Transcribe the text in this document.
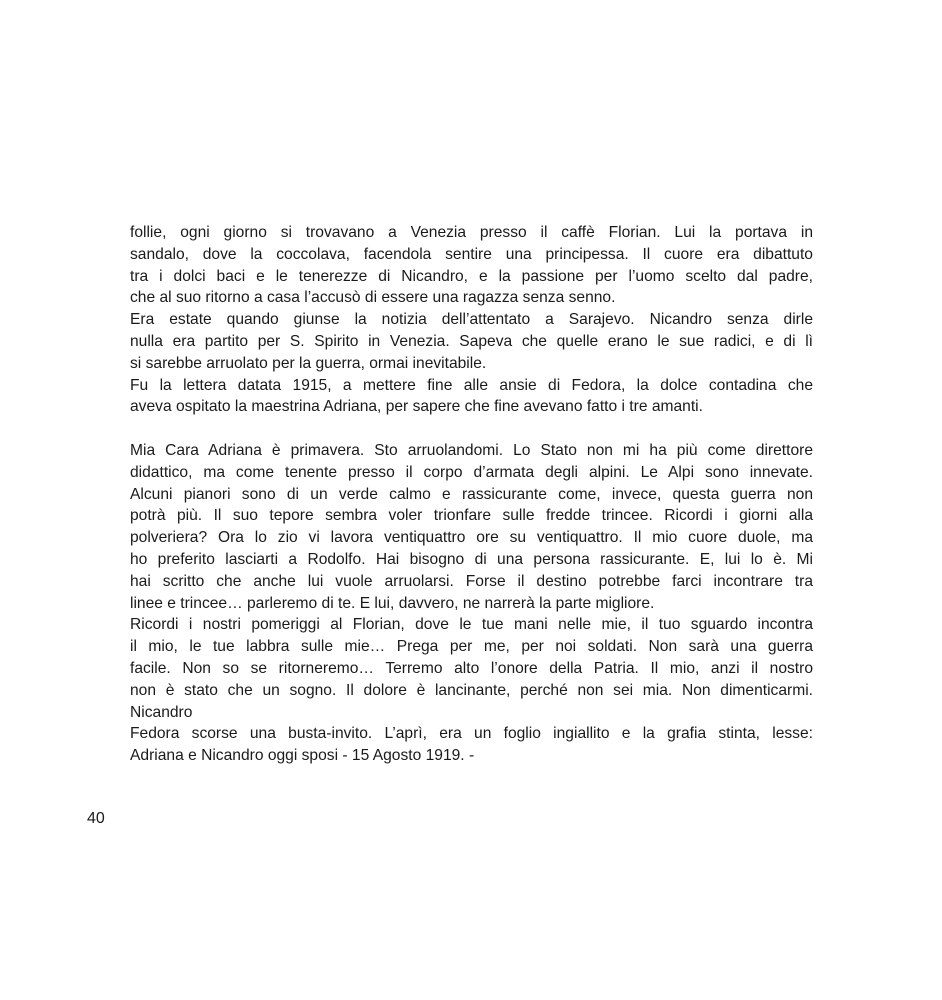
follie, ogni giorno si trovavano a Venezia presso il caffè Florian. Lui la portava in
sandalo, dove la coccolava, facendola sentire una principessa. Il cuore era dibattuto
tra i dolci baci e le tenerezze di Nicandro, e la passione per l’uomo scelto dal padre,
che al suo ritorno a casa l’accusò di essere una ragazza senza senno.
Era estate quando giunse la notizia dell’attentato a Sarajevo. Nicandro senza dirle
nulla era partito per S. Spirito in Venezia. Sapeva che quelle erano le sue radici, e di lì
si sarebbe arruolato per la guerra, ormai inevitabile.
Fu la lettera datata 1915, a mettere fine alle ansie di Fedora, la dolce contadina che
aveva ospitato la maestrina Adriana, per sapere che fine avevano fatto i tre amanti.
Mia Cara Adriana è primavera. Sto arruolandomi. Lo Stato non mi ha più come direttore
didattico, ma come tenente presso il corpo d’armata degli alpini. Le Alpi sono innevate.
Alcuni pianori sono di un verde calmo e rassicurante come, invece, questa guerra non
potrà più. Il suo tepore sembra voler trionfare sulle fredde trincee. Ricordi i giorni alla
polveriera? Ora lo zio vi lavora ventiquattro ore su ventiquattro. Il mio cuore duole, ma
ho preferito lasciarti a Rodolfo. Hai bisogno di una persona rassicurante. E, lui lo è. Mi
hai scritto che anche lui vuole arruolarsi. Forse il destino potrebbe farci incontrare tra
linee e trincee… parleremo di te. E lui, davvero, ne narrerà la parte migliore.
Ricordi i nostri pomeriggi al Florian, dove le tue mani nelle mie, il tuo sguardo incontra
il mio, le tue labbra sulle mie… Prega per me, per noi soldati. Non sarà una guerra
facile. Non so se ritorneremo… Terremo alto l’onore della Patria. Il mio, anzi il nostro
non è stato che un sogno. Il dolore è lancinante, perché non sei mia. Non dimenticarmi.
Nicandro
Fedora scorse una busta-invito. L’aprì, era un foglio ingiallito e la grafia stinta, lesse:
Adriana e Nicandro oggi sposi - 15 Agosto 1919. -
40
